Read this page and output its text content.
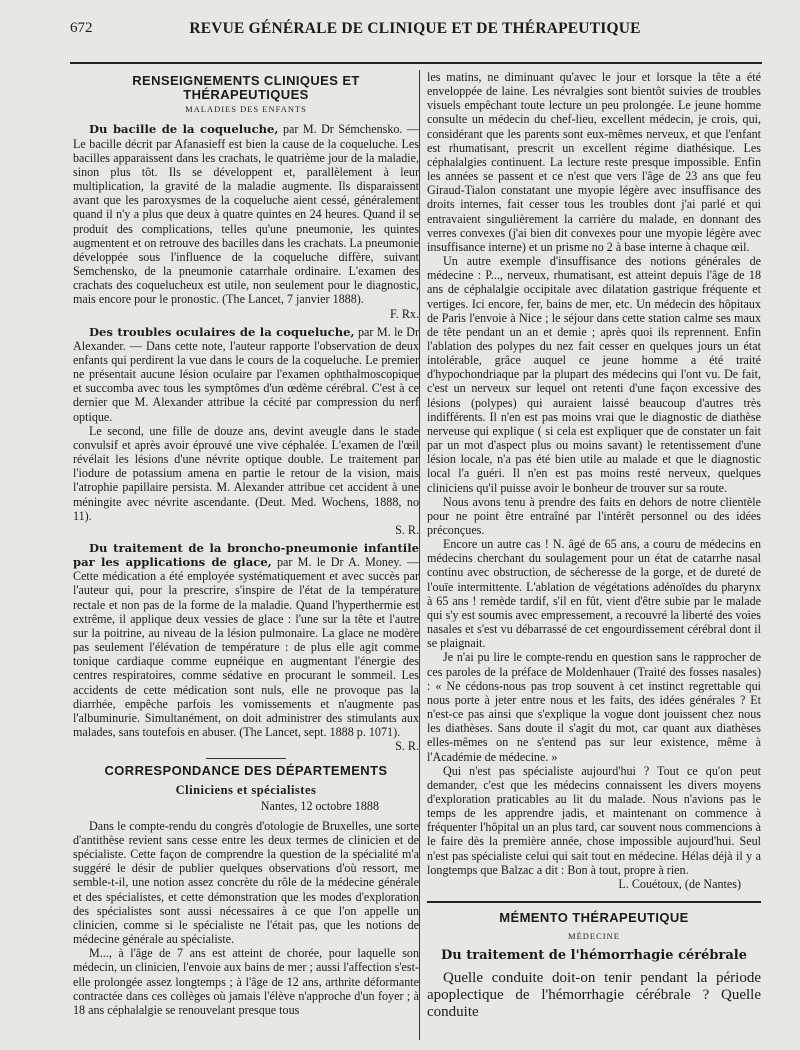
672	REVUE GÉNÉRALE DE CLINIQUE ET DE THÉRAPEUTIQUE
RENSEIGNEMENTS CLINIQUES ET THÉRAPEUTIQUES
MALADIES DES ENFANTS

Du bacille de la coqueluche, par M. Dr Sémchensko. — Le bacille décrit par Afanasieff est bien la cause de la coqueluche. Les bacilles apparaissent dans les crachats, le quatrième jour de la maladie, sinon plus tôt. Ils se développent et, parallèlement à leur multiplication, la gravité de la maladie augmente. Ils disparaissent avant que les paroxysmes de la coqueluche aient cessé, généralement quand il n'y a plus que deux à quatre quintes en 24 heures. Quand il se produit des complications, telles qu'une pneumonie, les quintes augmentent et on retrouve des bacilles dans les crachats. La pneumonie développée sous l'influence de la coqueluche diffère, suivant Semchensko, de la pneumonie catarrhale ordinaire. L'examen des crachats des coquelucheux est utile, non seulement pour le diagnostic, mais encore pour le pronostic. (The Lancet, 7 janvier 1888).

F. Rx.

Des troubles oculaires de la coqueluche, par M. le Dr Alexander. — Dans cette note, l'auteur rapporte l'observation de deux enfants qui perdirent la vue dans le cours de la coqueluche. Le premier ne présentait aucune lésion oculaire par l'examen ophthalmoscopique et succomba avec tous les symptômes d'un œdème cérébral. C'est à ce dernier que M. Alexander attribue la cécité par compression du nerf optique.

Le second, une fille de douze ans, devint aveugle dans le stade convulsif et après avoir éprouvé une vive céphalée. L'examen de l'œil révélait les lésions d'une névrite optique double. Le traitement par l'iodure de potassium amena en partie le retour de la vision, mais l'atrophie papillaire persista. M. Alexander attribue cet accident à une méningite avec névrite ascendante. (Deut. Med. Wochens, 1888, no 11).

S. R.

Du traitement de la broncho-pneumonie infantile par les applications de glace, par M. le Dr A. Money. — Cette médication a été employée systématiquement et avec succès par l'auteur qui, pour la prescrire, s'inspire de l'état de la température rectale et non pas de la forme de la maladie. Quand l'hyperthermie est extrême, il applique deux vessies de glace : l'une sur la tête et l'autre sur la poitrine, au niveau de la lésion pulmonaire. La glace ne modère pas seulement l'élévation de température : de plus elle agit comme tonique cardiaque comme eupnéique en augmentant l'énergie des centres respiratoires, comme sédative en procurant le sommeil. Les accidents de cette médication sont nuls, elle ne provoque pas la diarrhée, empêche parfois les vomissements et n'augmente pas l'albuminurie. Simultanément, on doit administrer des stimulants aux malades, sans toutefois en abuser. (The Lancet, sept. 1888 p. 1071).

S. R.
CORRESPONDANCE DES DÉPARTEMENTS
Cliniciens et spécialistes
Nantes, 12 octobre 1888

Dans le compte-rendu du congrès d'otologie de Bruxelles, une sorte d'antithèse revient sans cesse entre les deux termes de clinicien et de spécialiste. Cette façon de comprendre la question de la spécialité m'a suggéré le désir de publier quelques observations d'où ressort, me semble-t-il, une notion assez concrète du rôle de la médecine générale et des spécialistes, et cette démonstration que les modes d'exploration des spécialistes sont aussi nécessaires à ce que l'on appelle un clinicien, comme si le spécialiste ne l'était pas, que les notions de médecine générale au spécialiste.

M..., à l'âge de 7 ans est atteint de chorée, pour laquelle son médecin, un clinicien, l'envoie aux bains de mer ; aussi l'affection s'est-elle prolongée assez longtemps ; à l'âge de 12 ans, arthrite déformante contractée dans ces collèges où jamais l'élève n'approche d'un foyer ; à 18 ans céphalalgie se renouvelant presque tous

les matins, ne diminuant qu'avec le jour et lorsque la tête a été enveloppée de laine. Les névralgies sont bientôt suivies de troubles visuels empêchant toute lecture un peu prolongée. Le jeune homme consulte un médecin du chef-lieu, excellent médecin, je crois, qui, considérant que les parents sont eux-mêmes nerveux, et que l'enfant est rhumatisant, prescrit un excellent régime diathésique. Les céphalalgies continuent. La lecture reste presque impossible. Enfin les années se passent et ce n'est que vers l'âge de 23 ans que feu Giraud-Tialon constatant une myopie légère avec insuffisance des droits internes, fait cesser tous les troubles dont j'ai parlé et qui entravaient singulièrement la carrière du malade, en donnant des verres convexes (j'ai bien dit convexes pour une myopie légère avec insuffisance interne) et un prisme no 2 à base interne à chaque œil.

Un autre exemple d'insuffisance des notions générales de médecine : P..., nerveux, rhumatisant, est atteint depuis l'âge de 18 ans de céphalalgie occipitale avec dilatation gastrique fréquente et vertiges. Ici encore, fer, bains de mer, etc. Un médecin des hôpitaux de Paris l'envoie à Nice ; le séjour dans cette station calme ses maux de tête pendant un an et demie ; après quoi ils reprennent. Enfin l'ablation des polypes du nez fait cesser en quelques jours un état intolérable, grâce auquel ce jeune homme a été traité d'hypochondriaque par la plupart des médecins qui l'ont vu. De fait, c'est un nerveux sur lequel ont retenti d'une façon excessive des lésions (polypes) qui auraient laissé beaucoup d'autres très indifférents. Il n'en est pas moins vrai que le diagnostic de diathèse nerveuse qui explique ( si cela est expliquer que de constater un fait par un mot d'aspect plus ou moins savant) le retentissement d'une lésion locale, n'a pas été bien utile au malade et que le diagnostic local l'a guéri. Il n'en est pas moins resté nerveux, quelques cliniciens qu'il puisse avoir le bonheur de trouver sur sa route.

Nous avons tenu à prendre des faits en dehors de notre clientèle pour ne point être entraîné par l'intérêt personnel ou des idées préconçues.

Encore un autre cas ! N. âgé de 65 ans, a couru de médecins en médecins cherchant du soulagement pour un état de catarrhe nasal continu avec obstruction, de sécheresse de la gorge, et de dureté de l'ouïe intermittente. L'ablation de végétations adénoïdes du pharynx à 65 ans ! remède tardif, s'il en fût, vient d'être subie par le malade qui s'y est soumis avec empressement, a recouvré la liberté des voies nasales et s'est vu débarrassé de cet engourdissement cérébral dont il se plaignait.

Je n'ai pu lire le compte-rendu en question sans le rapprocher de ces paroles de la préface de Moldenhauer (Traité des fosses nasales) : « Ne cédons-nous pas trop souvent à cet instinct regrettable qui nous porte à jeter entre nous et les faits, des idées générales ? Et n'est-ce pas ainsi que s'explique la vogue dont jouissent chez nous les diathèses. Sans doute il s'agit du mot, car quant aux diathèses elles-mêmes on ne s'entend pas sur leur existence, même à l'Académie de médecine. »

Qui n'est pas spécialiste aujourd'hui ? Tout ce qu'on peut demander, c'est que les médecins connaissent les divers moyens d'exploration praticables au lit du malade. Nous n'avions pas le temps de les apprendre jadis, et maintenant on commence à fréquenter l'hôpital un an plus tard, car souvent nous commencions à le faire dès la première année, chose impossible aujourd'hui. Seul n'est pas spécialiste celui qui sait tout en médecine. Hélas déjà il y a longtemps que Balzac a dit : Bon à tout, propre à rien.

L. Couétoux, (de Nantes)
MÉMENTO THÉRAPEUTIQUE
MÉDECINE
Du traitement de l'hémorrhagie cérébrale

Quelle conduite doit-on tenir pendant la période apoplectique de l'hémorrhagie cérébrale ? Quelle conduite
